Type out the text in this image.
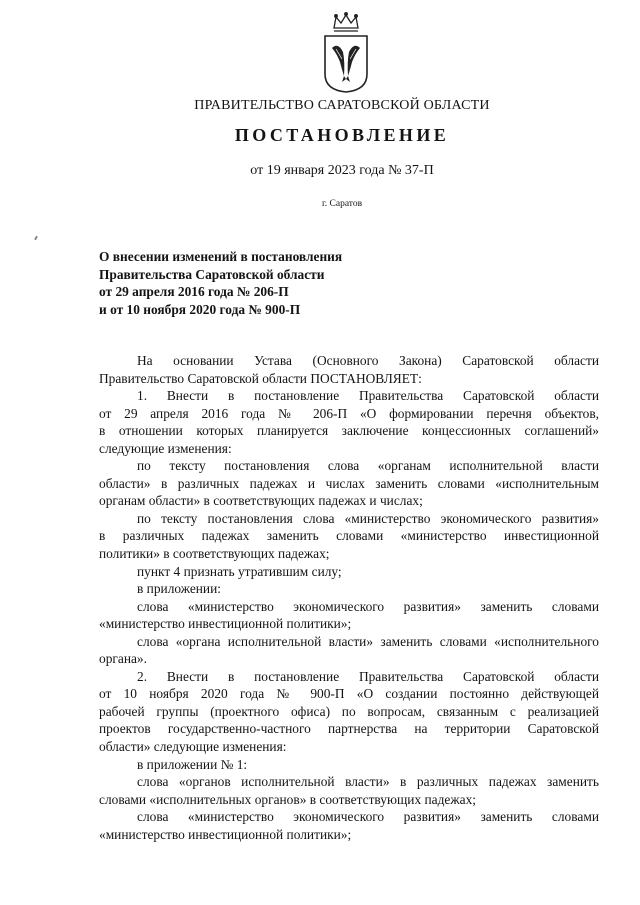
ПРАВИТЕЛЬСТВО САРАТОВСКОЙ ОБЛАСТИ
ПОСТАНОВЛЕНИЕ
от 19 января 2023 года № 37-П
г. Саратов
О внесении изменений в постановления
Правительства Саратовской области
от 29 апреля 2016 года № 206-П
и от 10 ноября 2020 года № 900-П
На основании Устава (Основного Закона) Саратовской области
Правительство Саратовской области ПОСТАНОВЛЯЕТ:
1. Внести в постановление Правительства Саратовской области
от 29 апреля 2016 года № 206-П «О формировании перечня объектов,
в отношении которых планируется заключение концессионных соглашений»
следующие изменения:
по тексту постановления слова «органам исполнительной власти
области» в различных падежах и числах заменить словами «исполнительным
органам области» в соответствующих падежах и числах;
по тексту постановления слова «министерство экономического развития»
в различных падежах заменить словами «министерство инвестиционной
политики» в соответствующих падежах;
пункт 4 признать утратившим силу;
в приложении:
слова «министерство экономического развития» заменить словами
«министерство инвестиционной политики»;
слова «органа исполнительной власти» заменить словами «исполнительного
органа».
2. Внести в постановление Правительства Саратовской области
от 10 ноября 2020 года № 900-П «О создании постоянно действующей
рабочей группы (проектного офиса) по вопросам, связанным с реализацией
проектов государственно-частного партнерства на территории Саратовской
области» следующие изменения:
в приложении № 1:
слова «органов исполнительной власти» в различных падежах заменить
словами «исполнительных органов» в соответствующих падежах;
слова «министерство экономического развития» заменить словами
«министерство инвестиционной политики»;
